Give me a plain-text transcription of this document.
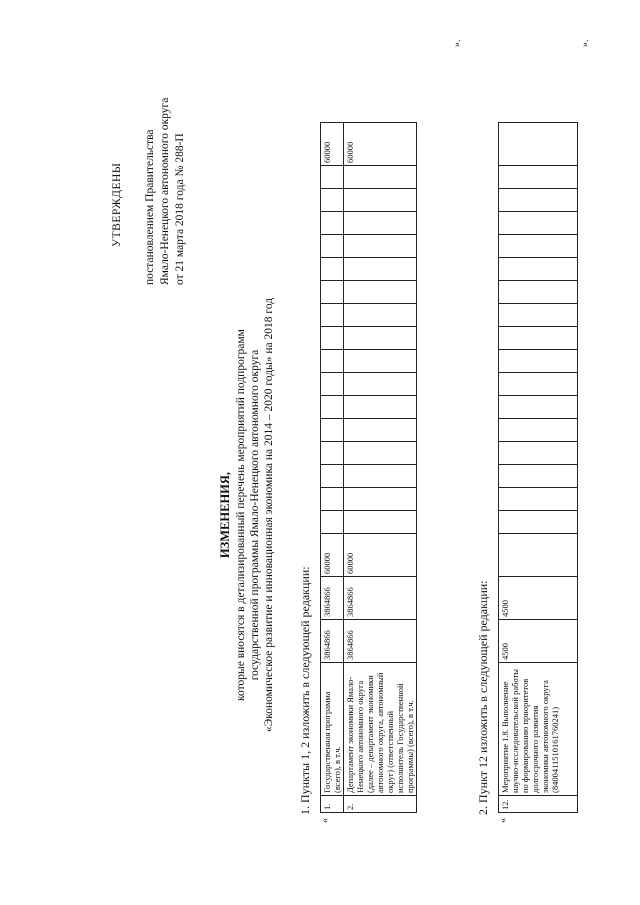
УТВЕРЖДЕНЫ постановлением Правительства Ямало-Ненецкого автономного округа от 21 марта 2018 года № 288-П
ИЗМЕНЕНИЯ, которые вносятся в детализированный перечень мероприятий подпрограмм государственной программы Ямало-Ненецкого автономного округа «Экономическое развитие и инновационная экономика на 2014 – 2020 годы» на 2018 год 1. Пункты 1, 2 изложить в следующей редакции:
«
1.	Государственная программа (всего), в т.ч.	3864866	3864866	60000																	60000
2.	Департамент экономики Ямало-Ненецкого автономного округа (далее – департамент экономики автономного округа, автономный округ) (ответственный исполнитель Государственной программы) (всего), в т.ч.	3864866	3864866	60000																	60000
».
2. Пункт 12 изложить в следующей редакции:
«
12.	Мероприятие 1.8. Выполнение научно-исследовательской работы по формированию приоритетов долгосрочного развития экономики автономного округа (8400411510161760241)	4500	4500																		
».
